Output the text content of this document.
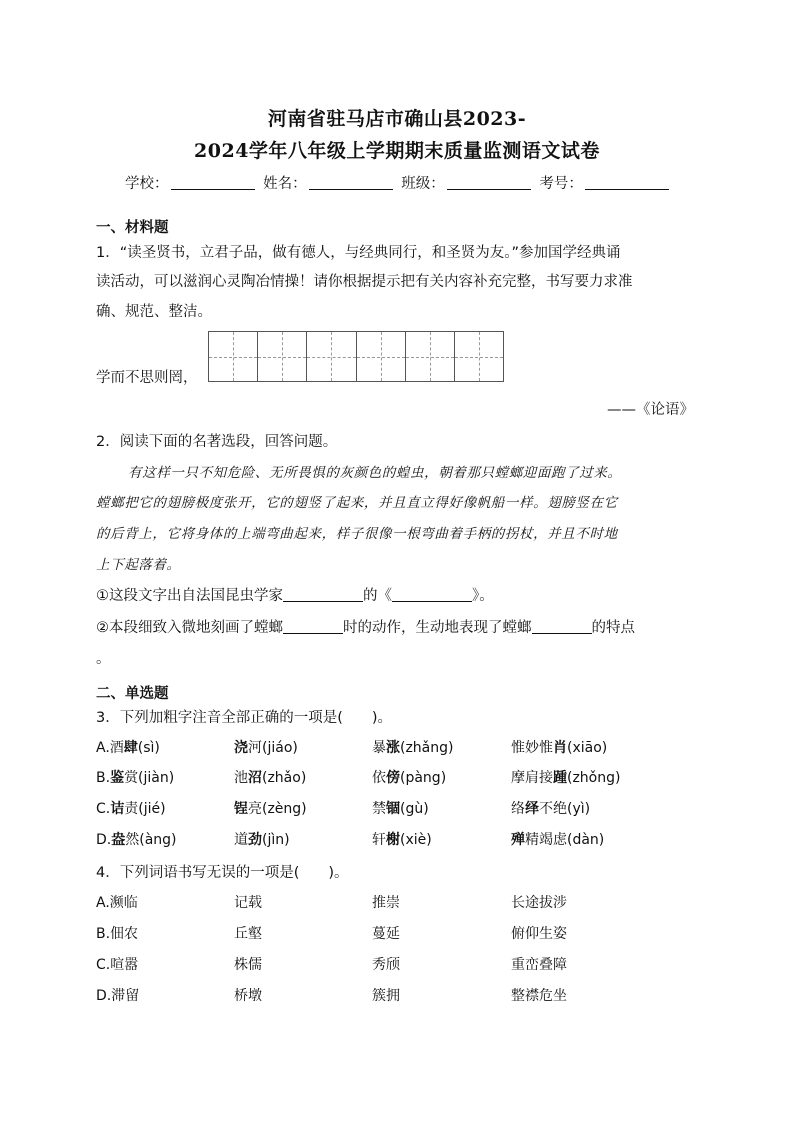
河南省驻马店市确山县2023-
2024学年八年级上学期期末质量监测语文试卷
学校：	姓名：	班级：	考号：
一、材料题
1．“读圣贤书，立君子品，做有德人，与经典同行，和圣贤为友。”参加国学经典诵
读活动，可以滋润心灵陶冶情操！请你根据提示把有关内容补充完整，书写要力求准
确、规范、整洁。
学而不思则罔，
——《论语》
2．阅读下面的名著选段，回答问题。
有这样一只不知危险、无所畏惧的灰颜色的蝗虫，朝着那只螳螂迎面跑了过来。
螳螂把它的翅膀极度张开，它的翅竖了起来，并且直立得好像帆船一样。翅膀竖在它
的后背上，它将身体的上端弯曲起来，样子很像一根弯曲着手柄的拐杖，并且不时地
上下起落着。
①这段文字出自法国昆虫学家	的《	》。
②本段细致入微地刻画了螳螂	时的动作，生动地表现了螳螂	的特点
。
二、单选题
3．下列加粗字注音全部正确的一项是(　　)。
A.酒肆(sì)	浇河(jiáo)	暴涨(zhǎng)	惟妙惟肖(xiāo)
B.鉴赏(jiàn)	池沼(zhǎo)	依傍(pàng)	摩肩接踵(zhǒng)
C.诘责(jié)	锃亮(zèng)	禁锢(gù)	络绎不绝(yì)
D.盎然(àng)	道劲(jìn)	轩榭(xiè)	殚精竭虑(dàn)
4．下列词语书写无误的一项是(　　)。
A.濒临	记载	推崇	长途拔涉
B.佃农	丘壑	蔓延	俯仰生姿
C.喧嚣	株儒	秀颀	重峦叠障
D.滞留	桥墩	簇拥	整襟危坐
